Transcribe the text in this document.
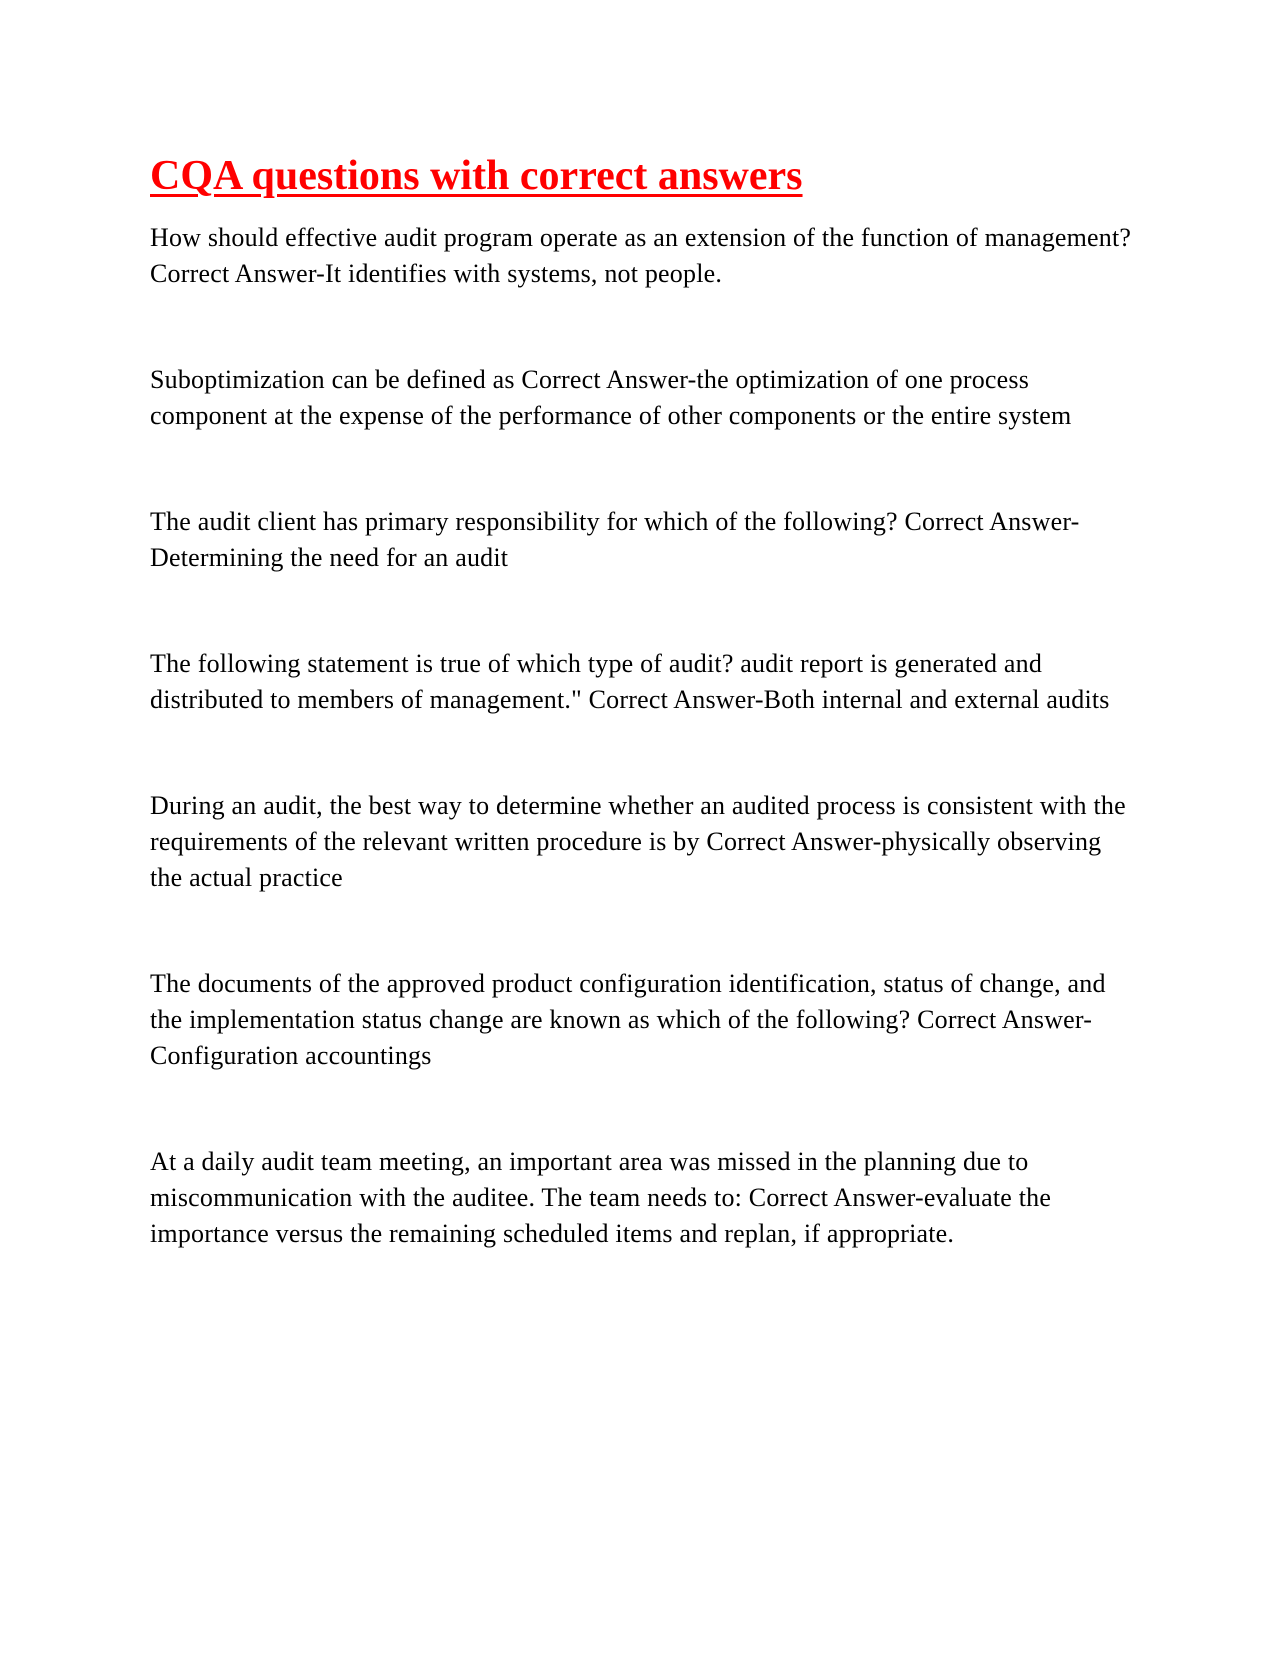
CQA questions with correct answers

How should effective audit program operate as an extension of the function of management? Correct Answer-It identifies with systems, not people.

Suboptimization can be defined as Correct Answer-the optimization of one process component at the expense of the performance of other components or the entire system

The audit client has primary responsibility for which of the following? Correct Answer-Determining the need for an audit

The following statement is true of which type of audit? audit report is generated and distributed to members of management." Correct Answer-Both internal and external audits

During an audit, the best way to determine whether an audited process is consistent with the requirements of the relevant written procedure is by Correct Answer-physically observing the actual practice

The documents of the approved product configuration identification, status of change, and the implementation status change are known as which of the following? Correct Answer-Configuration accountings

At a daily audit team meeting, an important area was missed in the planning due to miscommunication with the auditee. The team needs to: Correct Answer-evaluate the importance versus the remaining scheduled items and replan, if appropriate.
